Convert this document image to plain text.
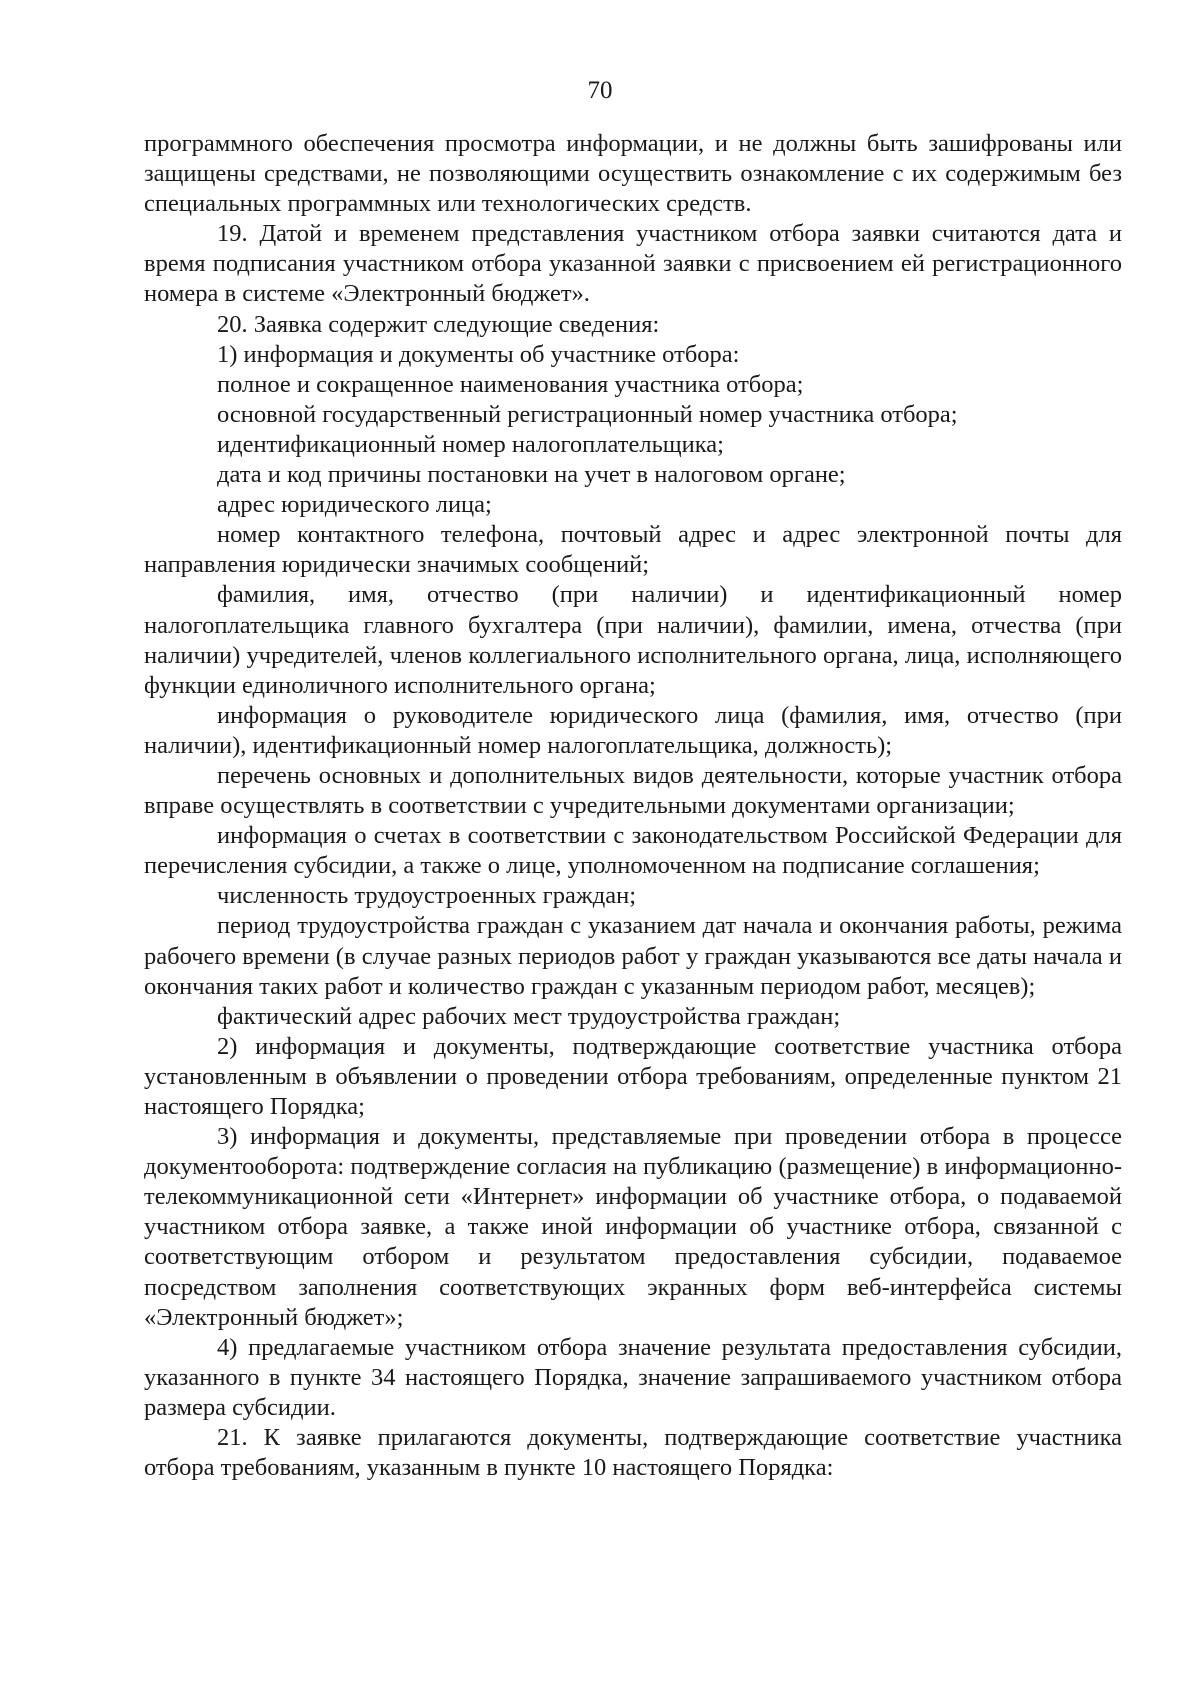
70

программного обеспечения просмотра информации, и не должны быть зашифрованы или защищены средствами, не позволяющими осуществить ознакомление с их содержимым без специальных программных или технологических средств.

19. Датой и временем представления участником отбора заявки считаются дата и время подписания участником отбора указанной заявки с присвоением ей регистрационного номера в системе «Электронный бюджет».

20. Заявка содержит следующие сведения:

1) информация и документы об участнике отбора:

полное и сокращенное наименования участника отбора;

основной государственный регистрационный номер участника отбора;

идентификационный номер налогоплательщика;

дата и код причины постановки на учет в налоговом органе;

адрес юридического лица;

номер контактного телефона, почтовый адрес и адрес электронной почты для направления юридически значимых сообщений;

фамилия, имя, отчество (при наличии) и идентификационный номер налогоплательщика главного бухгалтера (при наличии), фамилии, имена, отчества (при наличии) учредителей, членов коллегиального исполнительного органа, лица, исполняющего функции единоличного исполнительного органа;

информация о руководителе юридического лица (фамилия, имя, отчество (при наличии), идентификационный номер налогоплательщика, должность);

перечень основных и дополнительных видов деятельности, которые участник отбора вправе осуществлять в соответствии с учредительными документами организации;

информация о счетах в соответствии с законодательством Российской Федерации для перечисления субсидии, а также о лице, уполномоченном на подписание соглашения;

численность трудоустроенных граждан;

период трудоустройства граждан с указанием дат начала и окончания работы, режима рабочего времени (в случае разных периодов работ у граждан указываются все даты начала и окончания таких работ и количество граждан с указанным периодом работ, месяцев);

фактический адрес рабочих мест трудоустройства граждан;

2) информация и документы, подтверждающие соответствие участника отбора установленным в объявлении о проведении отбора требованиям, определенные пунктом 21 настоящего Порядка;

3) информация и документы, представляемые при проведении отбора в процессе документооборота: подтверждение согласия на публикацию (размещение) в информационно-телекоммуникационной сети «Интернет» информации об участнике отбора, о подаваемой участником отбора заявке, а также иной информации об участнике отбора, связанной с соответствующим отбором и результатом предоставления субсидии, подаваемое посредством заполнения соответствующих экранных форм веб-интерфейса системы «Электронный бюджет»;

4) предлагаемые участником отбора значение результата предоставления субсидии, указанного в пункте 34 настоящего Порядка, значение запрашиваемого участником отбора размера субсидии.

21. К заявке прилагаются документы, подтверждающие соответствие участника отбора требованиям, указанным в пункте 10 настоящего Порядка:
